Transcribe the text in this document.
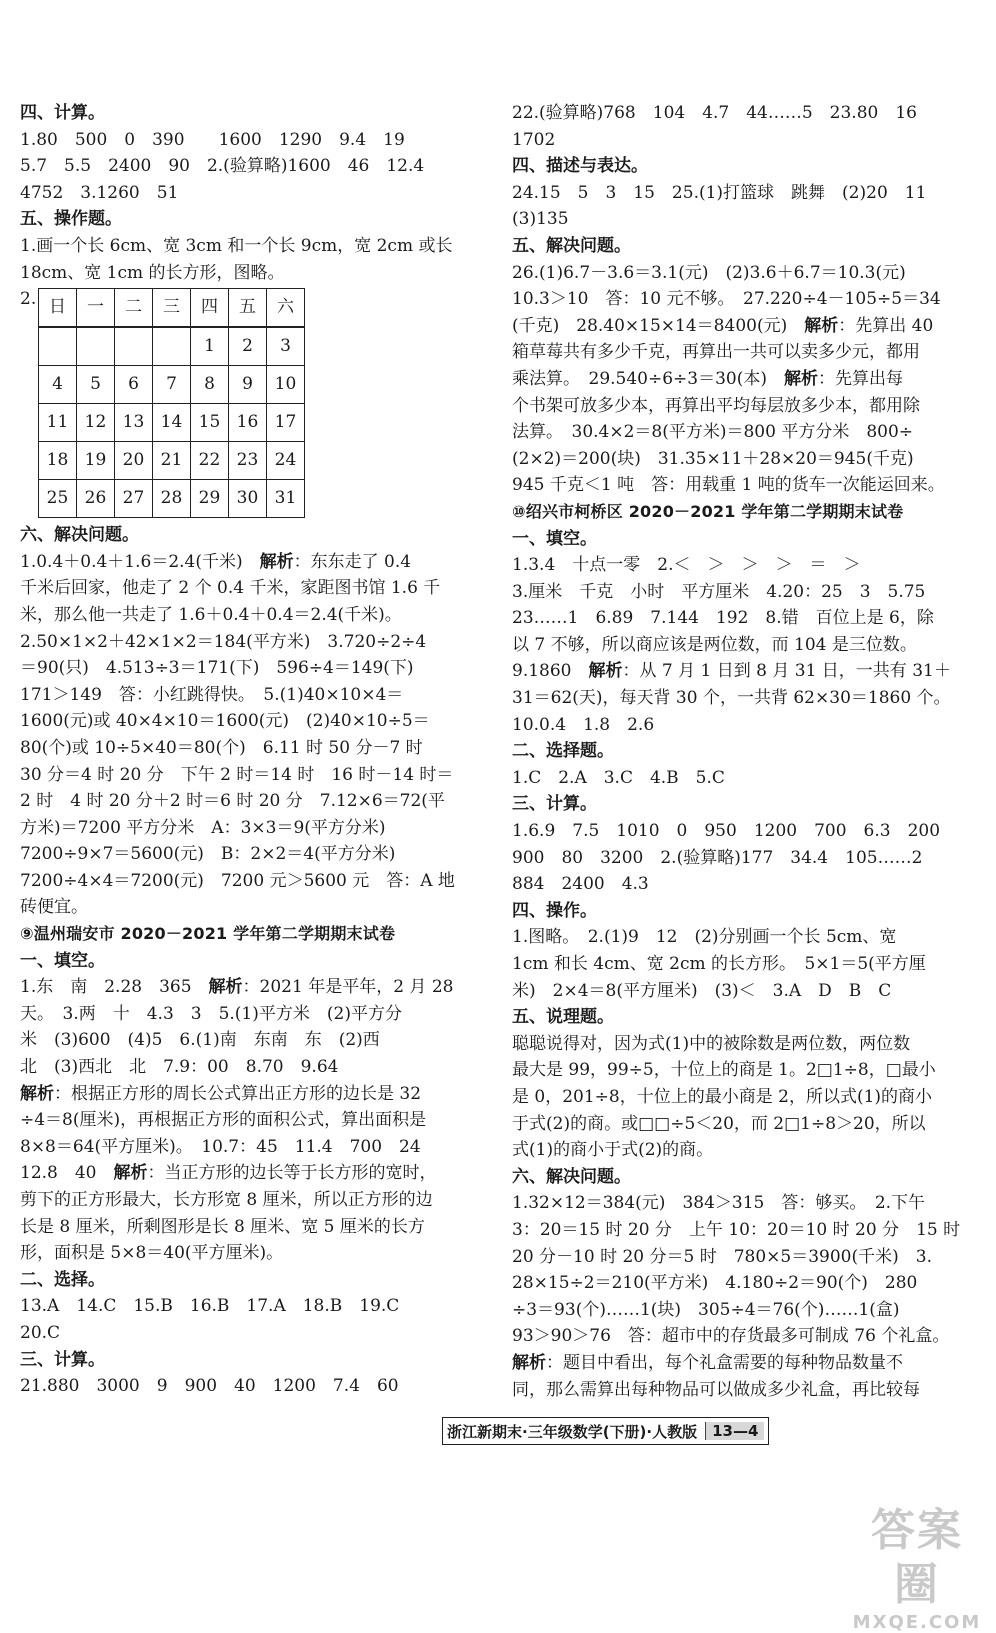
四、计算。
1.80　500　0　390　　1600　1290　9.4　19
5.7　5.5　2400　90　2.(验算略)1600　46　12.4
4752　3.1260　51
五、操作题。
1.画一个长 6cm、宽 3cm 和一个长 9cm，宽 2cm 或长
18cm、宽 1cm 的长方形，图略。
2. 日	一	二	三	四	五	六
				1	2	3
4	5	6	7	8	9	10
11	12	13	14	15	16	17
18	19	20	21	22	23	24
25	26	27	28	29	30	31
六、解决问题。
1.0.4＋0.4＋1.6＝2.4(千米)　解析：东东走了 0.4
千米后回家，他走了 2 个 0.4 千米，家距图书馆 1.6 千
米，那么他一共走了 1.6＋0.4＋0.4＝2.4(千米)。
2.50×1×2＋42×1×2＝184(平方米)　3.720÷2÷4
＝90(只)　4.513÷3＝171(下)　596÷4＝149(下)
171＞149　答：小红跳得快。　5.(1)40×10×4＝
1600(元)或 40×4×10＝1600(元)　(2)40×10÷5＝
80(个)或 10÷5×40＝80(个)　6.11 时 50 分－7 时
30 分＝4 时 20 分　下午 2 时＝14 时　16 时－14 时＝
2 时　4 时 20 分＋2 时＝6 时 20 分　7.12×6＝72(平
方米)＝7200 平方分米　A：3×3＝9(平方分米)
7200÷9×7＝5600(元)　B：2×2＝4(平方分米)
7200÷4×4＝7200(元)　7200 元＞5600 元　答：A 地
砖便宜。
⑨温州瑞安市 2020－2021 学年第二学期期末试卷
一、填空。
1.东　南　2.28　365　解析：2021 年是平年，2 月 28
天。　3.两　十　4.3　3　5.(1)平方米　(2)平方分
米　(3)600　(4)5　6.(1)南　东南　东　(2)西
北　(3)西北　北　7.9：00　8.70　9.64
解析：根据正方形的周长公式算出正方形的边长是 32
÷4＝8(厘米)，再根据正方形的面积公式，算出面积是
8×8＝64(平方厘米)。　10.7：45　11.4　700　24
12.8　40　解析：当正方形的边长等于长方形的宽时，
剪下的正方形最大，长方形宽 8 厘米，所以正方形的边
长是 8 厘米，所剩图形是长 8 厘米、宽 5 厘米的长方
形，面积是 5×8＝40(平方厘米)。
二、选择。
13.A　14.C　15.B　16.B　17.A　18.B　19.C
20.C
三、计算。
21.880　3000　9　900　40　1200　7.4　60
22.(验算略)768　104　4.7　44……5　23.80　16
1702
四、描述与表达。
24.15　5　3　15　25.(1)打篮球　跳舞　(2)20　11
(3)135
五、解决问题。
26.(1)6.7－3.6＝3.1(元)　(2)3.6＋6.7＝10.3(元)
10.3＞10　答：10 元不够。　27.220÷4－105÷5＝34
(千克)　28.40×15×14＝8400(元)　解析：先算出 40
箱草莓共有多少千克，再算出一共可以卖多少元，都用
乘法算。　29.540÷6÷3＝30(本)　解析：先算出每
个书架可放多少本，再算出平均每层放多少本，都用除
法算。　30.4×2＝8(平方米)＝800 平方分米　800÷
(2×2)＝200(块)　31.35×11＋28×20＝945(千克)
945 千克＜1 吨　答：用载重 1 吨的货车一次能运回来。
⑩绍兴市柯桥区 2020－2021 学年第二学期期末试卷
一、填空。
1.3.4　十点一零　2.＜　＞　＞　＞　＝　＞
3.厘米　千克　小时　平方厘米　4.20：25　3　5.75
23……1　6.89　7.144　192　8.错　百位上是 6，除
以 7 不够，所以商应该是两位数，而 104 是三位数。
9.1860　解析：从 7 月 1 日到 8 月 31 日，一共有 31＋
31＝62(天)，每天背 30 个，一共背 62×30＝1860 个。
10.0.4　1.8　2.6
二、选择题。
1.C　2.A　3.C　4.B　5.C
三、计算。
1.6.9　7.5　1010　0　950　1200　700　6.3　200
900　80　3200　2.(验算略)177　34.4　105……2
884　2400　4.3
四、操作。
1.图略。　2.(1)9　12　(2)分别画一个长 5cm、宽
1cm 和长 4cm、宽 2cm 的长方形。　5×1＝5(平方厘
米)　2×4＝8(平方厘米)　(3)＜　3.A　D　B　C
五、说理题。
聪聪说得对，因为式(1)中的被除数是两位数，两位数
最大是 99，99÷5，十位上的商是 1。2□1÷8，□最小
是 0，201÷8，十位上的最小商是 2，所以式(1)的商小
于式(2)的商。或□□÷5＜20，而 2□1÷8＞20，所以
式(1)的商小于式(2)的商。
六、解决问题。
1.32×12＝384(元)　384＞315　答：够买。　2.下午
3：20＝15 时 20 分　上午 10：20＝10 时 20 分　15 时
20 分－10 时 20 分＝5 时　780×5＝3900(千米)　3.
28×15÷2＝210(平方米)　4.180÷2＝90(个)　280
÷3＝93(个)……1(块)　305÷4＝76(个)……1(盒)
93＞90＞76　答：超市中的存货最多可制成 76 个礼盒。
解析：题目中看出，每个礼盒需要的每种物品数量不
同，那么需算出每种物品可以做成多少礼盒，再比较每
浙江新期末·三年级数学(下册)·人教版	13—4
答案圈
MXQE.COM
